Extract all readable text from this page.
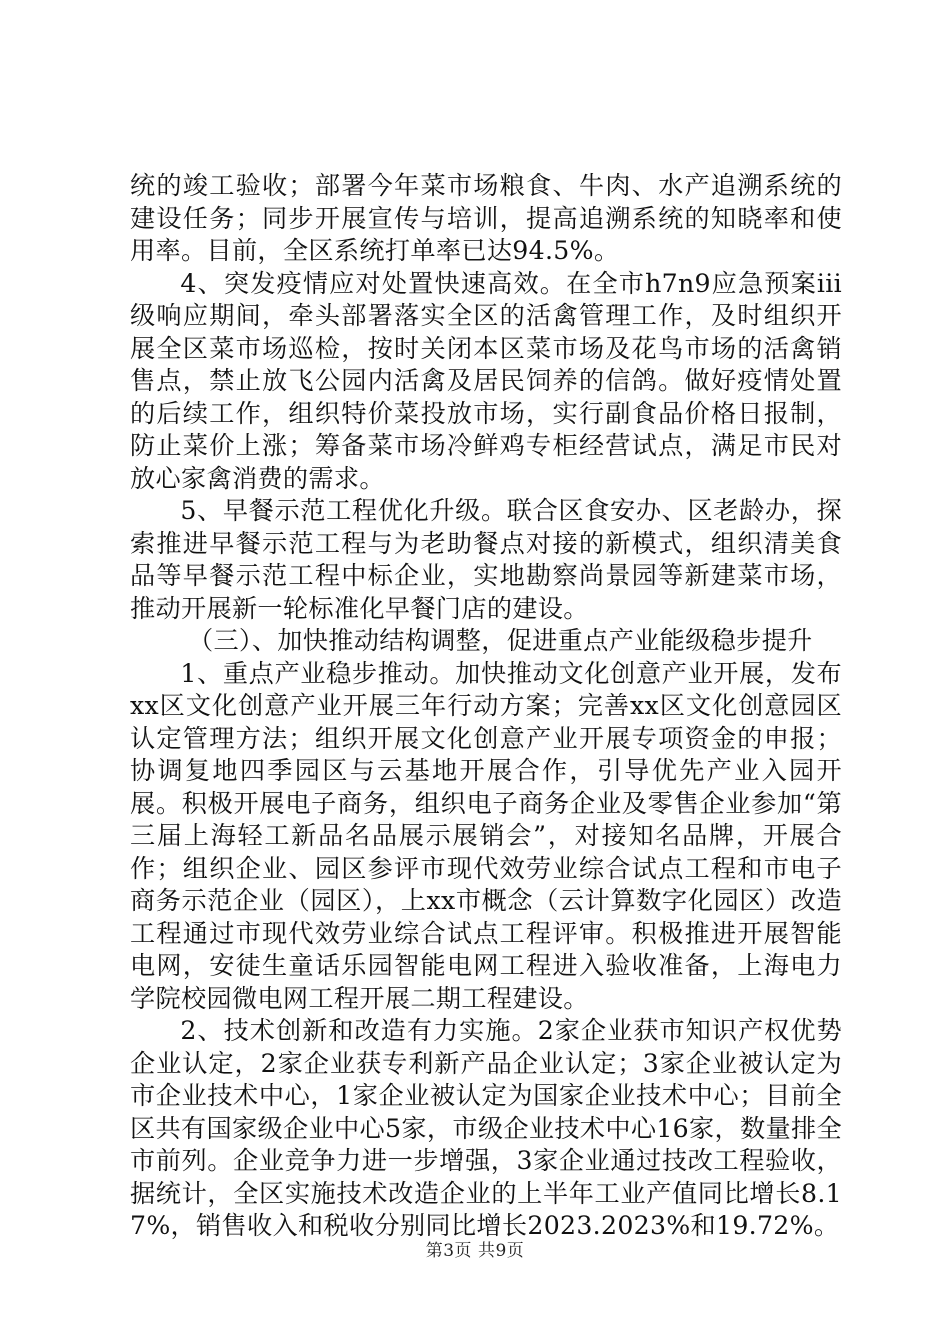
统的竣工验收；部署今年菜市场粮食、牛肉、水产追溯系统的建设任务；同步开展宣传与培训，提高追溯系统的知晓率和使用率。目前，全区系统打单率已达94.5%。

4、突发疫情应对处置快速高效。在全市h7n9应急预案iii级响应期间，牵头部署落实全区的活禽管理工作，及时组织开展全区菜市场巡检，按时关闭本区菜市场及花鸟市场的活禽销售点，禁止放飞公园内活禽及居民饲养的信鸽。做好疫情处置的后续工作，组织特价菜投放市场，实行副食品价格日报制，防止菜价上涨；筹备菜市场冷鲜鸡专柜经营试点，满足市民对放心家禽消费的需求。

5、早餐示范工程优化升级。联合区食安办、区老龄办，探索推进早餐示范工程与为老助餐点对接的新模式，组织清美食品等早餐示范工程中标企业，实地勘察尚景园等新建菜市场，推动开展新一轮标准化早餐门店的建设。

（三）、加快推动结构调整，促进重点产业能级稳步提升

1、重点产业稳步推动。加快推动文化创意产业开展，发布xx区文化创意产业开展三年行动方案；完善xx区文化创意园区认定管理方法；组织开展文化创意产业开展专项资金的申报；协调复地四季园区与云基地开展合作，引导优先产业入园开展。积极开展电子商务，组织电子商务企业及零售企业参加“第三届上海轻工新品名品展示展销会”，对接知名品牌，开展合作；组织企业、园区参评市现代效劳业综合试点工程和市电子商务示范企业（园区），上xx市概念（云计算数字化园区）改造工程通过市现代效劳业综合试点工程评审。积极推进开展智能电网，安徒生童话乐园智能电网工程进入验收准备，上海电力学院校园微电网工程开展二期工程建设。

2、技术创新和改造有力实施。2家企业获市知识产权优势企业认定，2家企业获专利新产品企业认定；3家企业被认定为市企业技术中心，1家企业被认定为国家企业技术中心；目前全区共有国家级企业中心5家，市级企业技术中心16家，数量排全市前列。企业竞争力进一步增强，3家企业通过技改工程验收，据统计，全区实施技术改造企业的上半年工业产值同比增长8.17%，销售收入和税收分别同比增长2023.2023%和19.72%。

第3页 共9页
